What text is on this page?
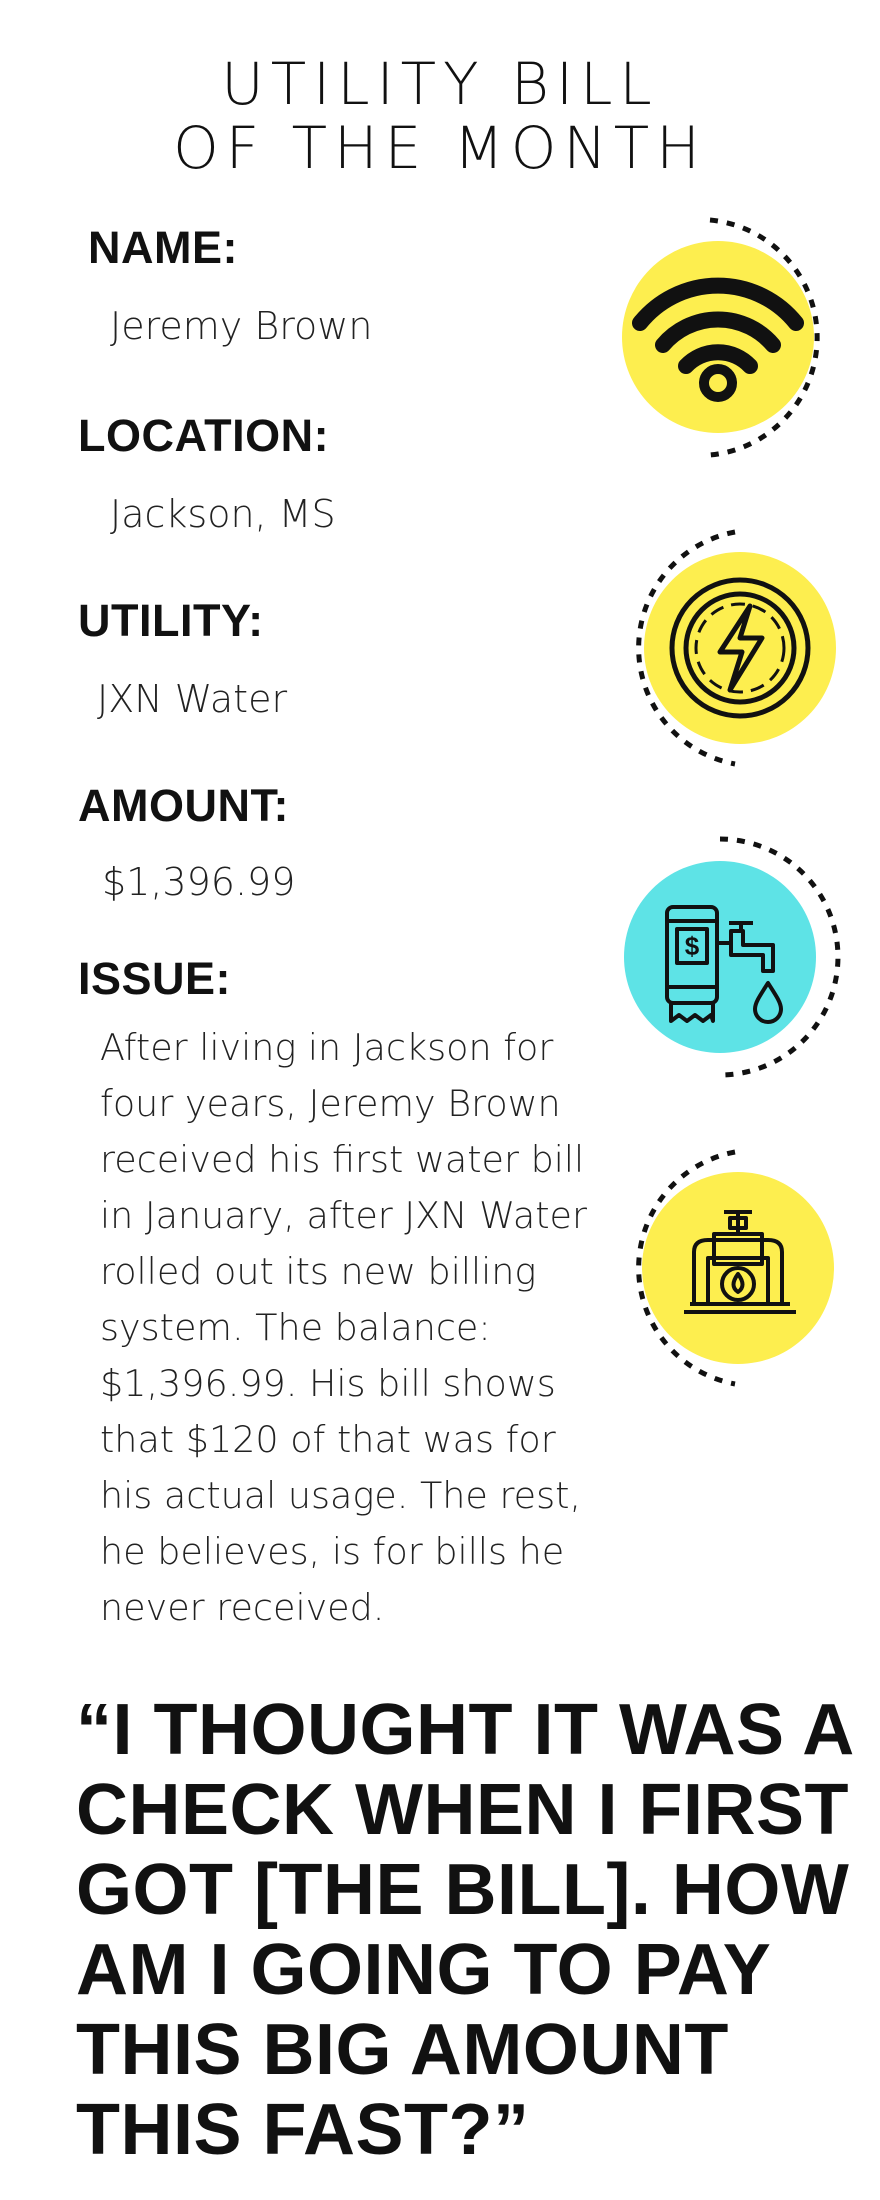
UTILITY BILL
OF THE MONTH
NAME:
Jeremy Brown
LOCATION:
Jackson, MS
UTILITY:
JXN Water
AMOUNT:
$1,396.99
ISSUE:
After living in Jackson for four years, Jeremy Brown received his first water bill in January, after JXN Water rolled out its new billing system. The balance: $1,396.99. His bill shows that $120 of that was for his actual usage. The rest, he believes, is for bills he never received.
“I THOUGHT IT WAS A CHECK WHEN I FIRST GOT [THE BILL]. HOW AM I GOING TO PAY THIS BIG AMOUNT THIS FAST?”
$
